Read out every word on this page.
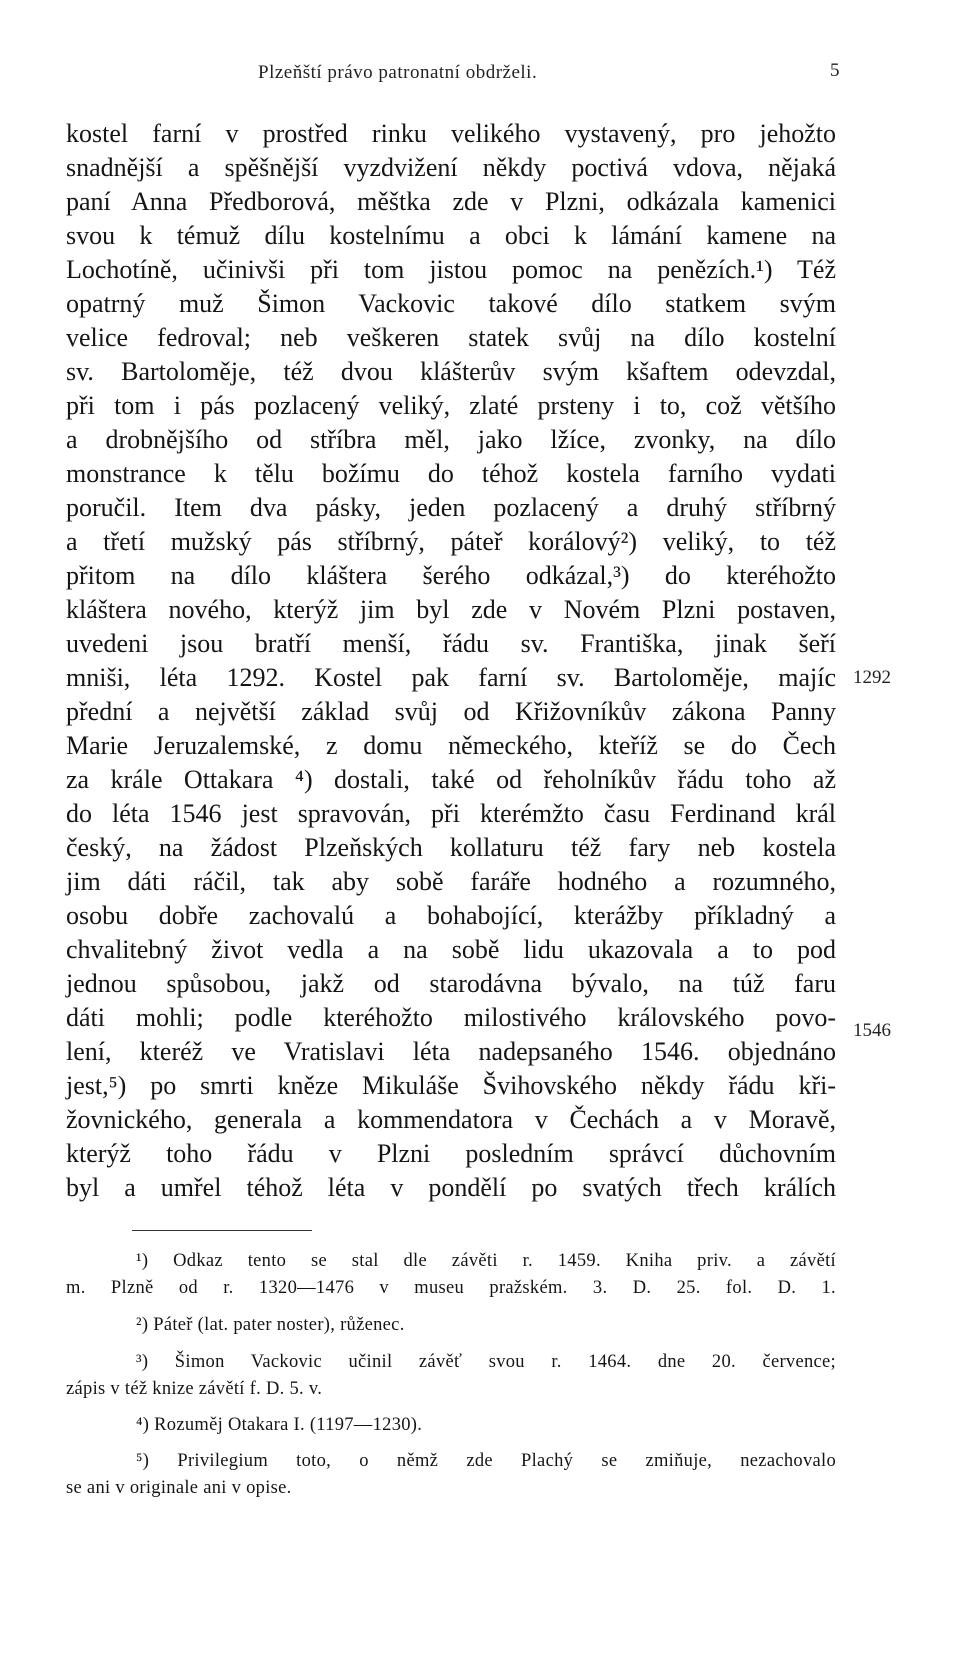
Plzeňští právo patronatní obdrželi.	5
kostel farní v prostřed rinku velikého vystavený, pro jehožto
snadnější a spěšnější vyzdvižení někdy poctivá vdova, nějaká
paní Anna Předborová, měštka zde v Plzni, odkázala kamenici
svou k témuž dílu kostelnímu a obci k lámání kamene na
Lochotíně, učinivši při tom jistou pomoc na penězích.¹) Též
opatrný muž Šimon Vackovic takové dílo statkem svým
velice fedroval; neb veškeren statek svůj na dílo kostelní
sv. Bartoloměje, též dvou klášterův svým kšaftem odevzdal,
při tom i pás pozlacený veliký, zlaté prsteny i to, což většího
a drobnějšího od stříbra měl, jako lžíce, zvonky, na dílo
monstrance k tělu božímu do téhož kostela farního vydati
poručil. Item dva pásky, jeden pozlacený a druhý stříbrný
a třetí mužský pás stříbrný, páteř korálový²) veliký, to též
přitom na dílo kláštera šerého odkázal,³) do kteréhožto
kláštera nového, kterýž jim byl zde v Novém Plzni postaven,
uvedeni jsou bratří menší, řádu sv. Františka, jinak šeří
mniši, léta 1292. Kostel pak farní sv. Bartoloměje, majíc
přední a největší základ svůj od Křižovníkův zákona Panny
Marie Jeruzalemské, z domu německého, kteříž se do Čech
za krále Ottakara ⁴) dostali, také od řeholníkův řádu toho až
do léta 1546 jest spravován, při kterémžto času Ferdinand král
český, na žádost Plzeňských kollaturu též fary neb kostela
jim dáti ráčil, tak aby sobě faráře hodného a rozumného,
osobu dobře zachovalú a bohabojící, kterážby příkladný a
chvalitebný život vedla a na sobě lidu ukazovala a to pod
jednou spůsobou, jakž od starodávna bývalo, na túž faru
dáti mohli; podle kteréhožto milostivého královského povo-
lení, kteréž ve Vratislavi léta nadepsaného 1546. objednáno
jest,⁵) po smrti kněze Mikuláše Švihovského někdy řádu kři-
žovnického, generala a kommendatora v Čechách a v Moravě,
kterýž toho řádu v Plzni posledním správcí důchovním
byl a umřel téhož léta v pondělí po svatých třech králích
1292
1546
¹) Odkaz tento se stal dle závěti r. 1459. Kniha priv. a závětí
m. Plzně od r. 1320—1476 v museu pražském. 3. D. 25. fol. D. 1.
²) Páteř (lat. pater noster), růženec.
³) Šimon Vackovic učinil závěť svou r. 1464. dne 20. července;
zápis v též knize závětí f. D. 5. v.
⁴) Rozuměj Otakara I. (1197—1230).
⁵) Privilegium toto, o němž zde Plachý se zmiňuje, nezachovalo
se ani v originale ani v opise.
